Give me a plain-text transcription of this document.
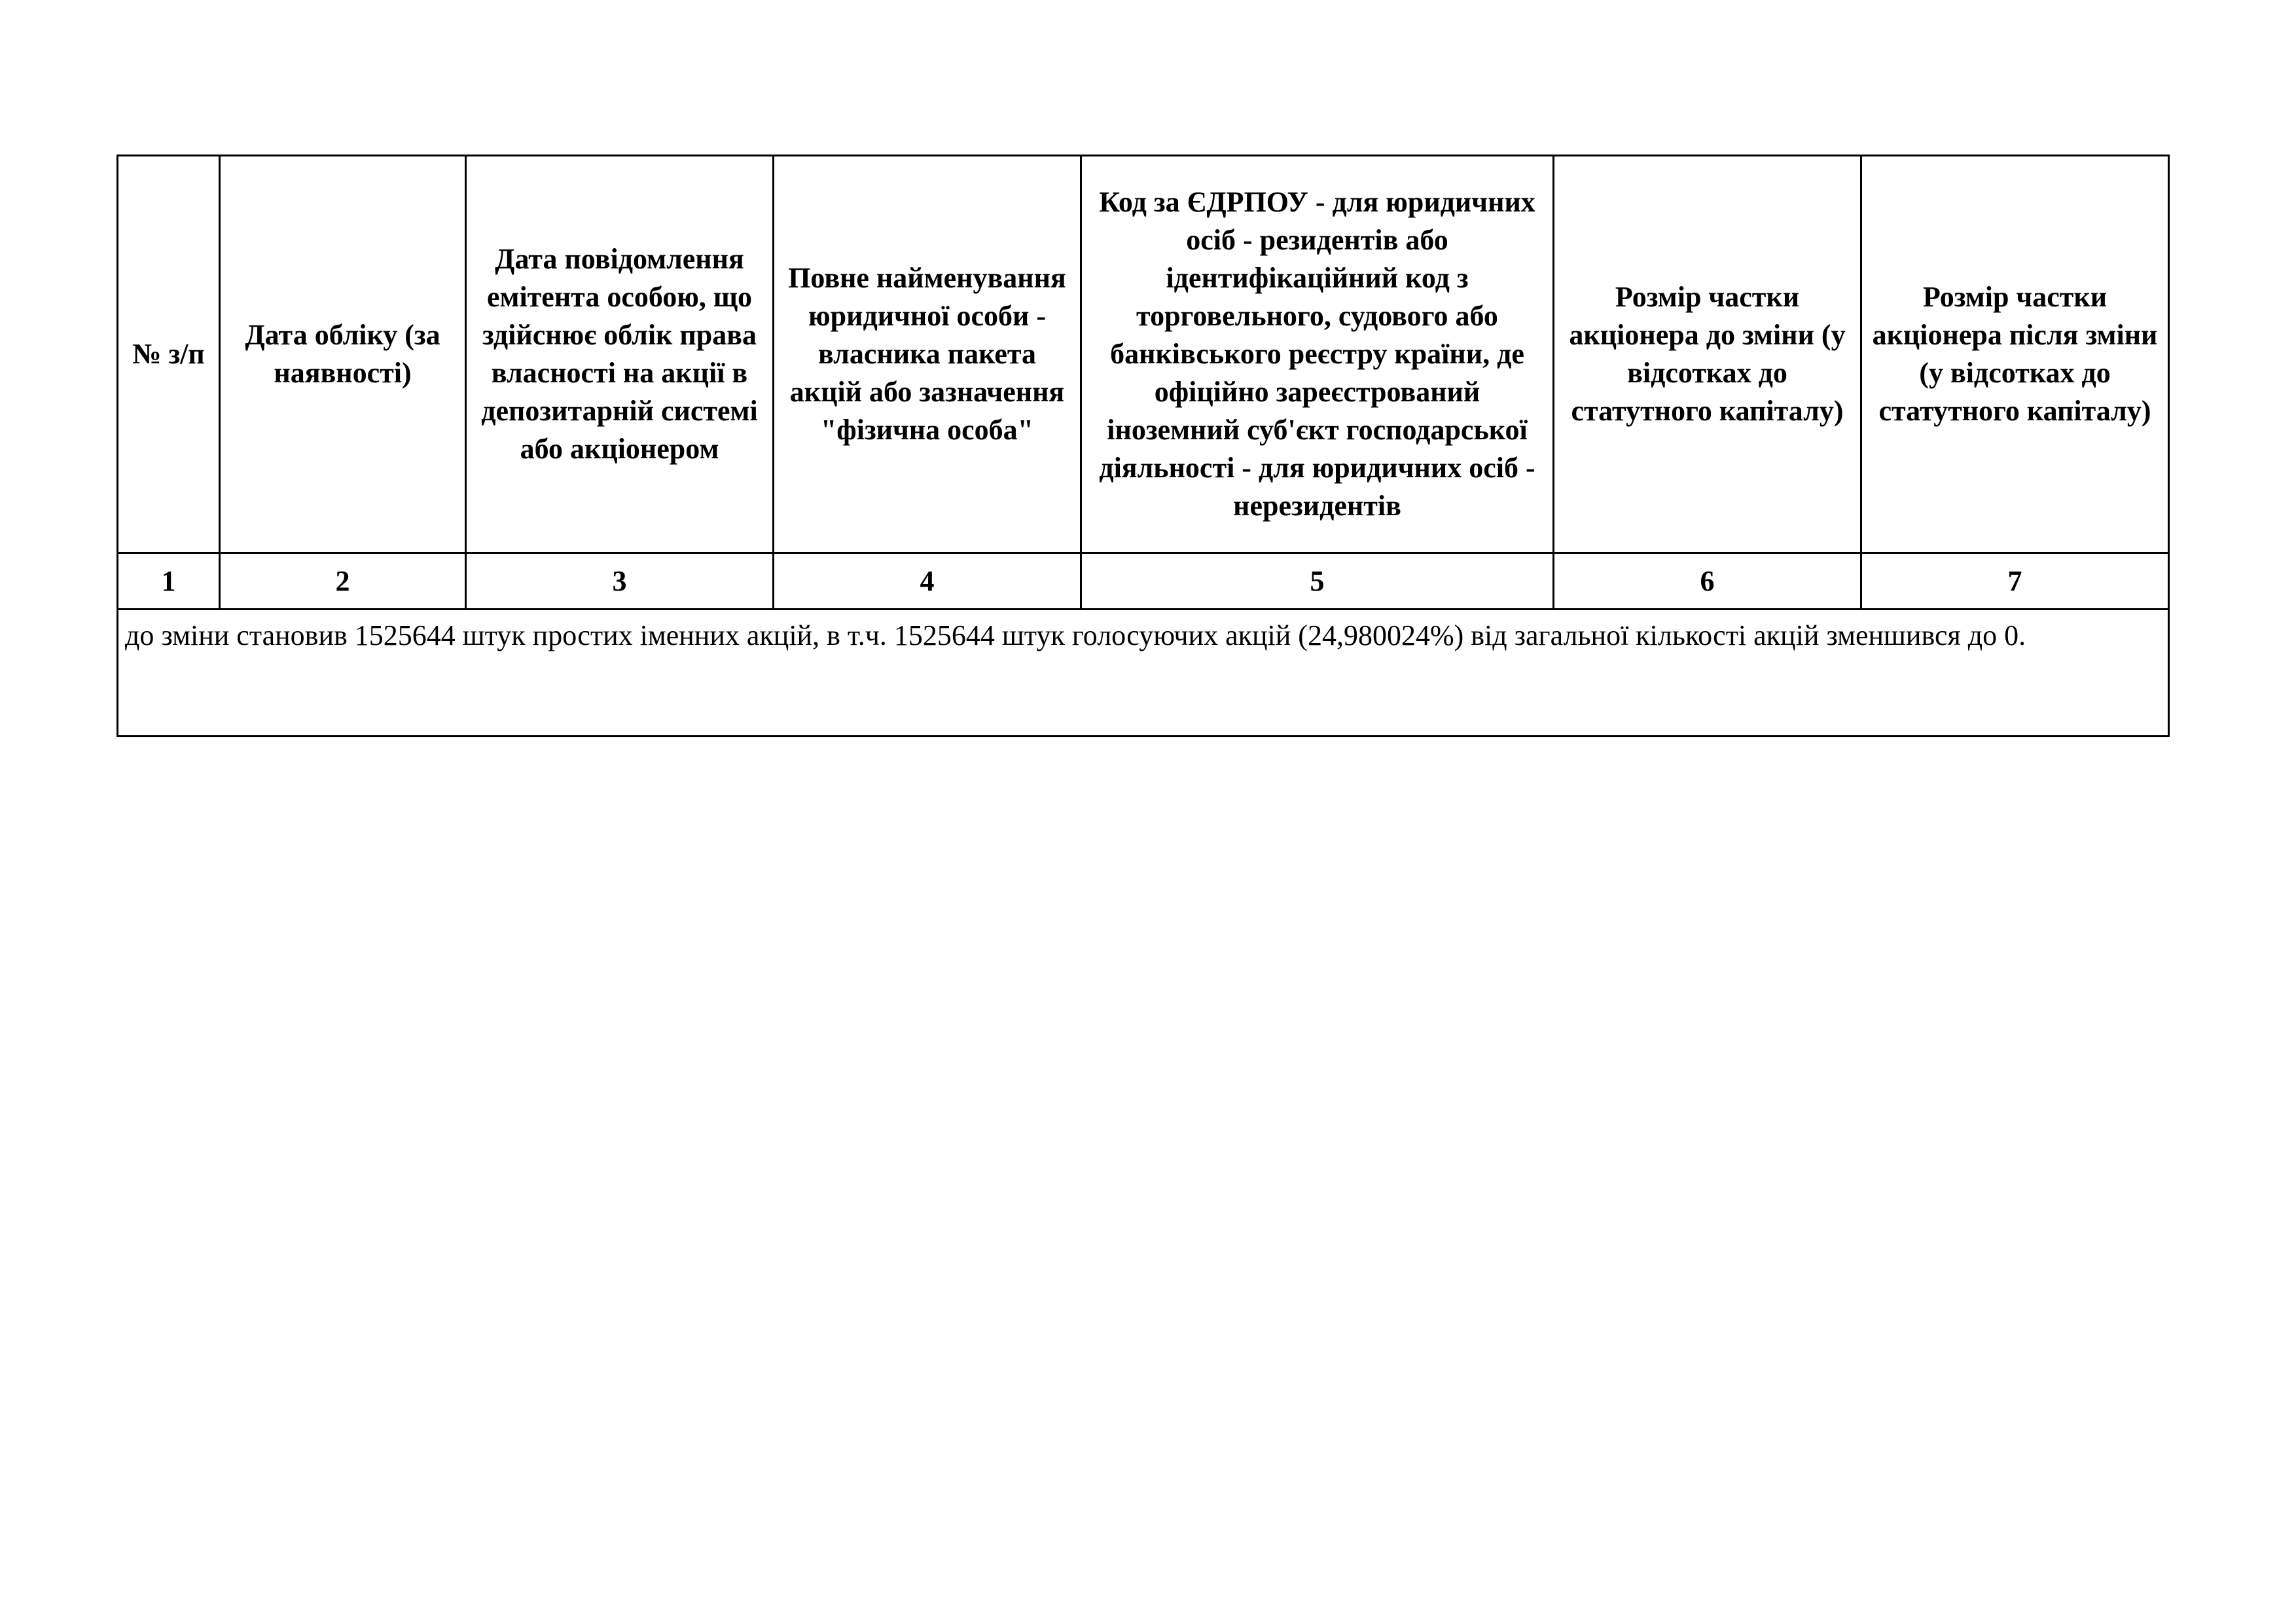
№ з/п	Дата обліку (за наявності)	Дата повідомлення емітента особою, що здійснює облік права власності на акції в депозитарній системі або акціонером	Повне найменування юридичної особи - власника пакета акцій або зазначення "фізична особа"	Код за ЄДРПОУ - для юридичних осіб - резидентів або ідентифікаційний код з торговельного, судового або банківського реєстру країни, де офіційно зареєстрований іноземний суб'єкт господарської діяльності - для юридичних осіб - нерезидентів	Розмір частки акціонера до зміни (у відсотках до статутного капіталу)	Розмір частки акціонера після зміни (у відсотках до статутного капіталу)
1	2	3	4	5	6	7
до зміни становив 1525644 штук простих іменних акцій, в т.ч. 1525644 штук голосуючих акцій (24,980024%) від загальної кількості акцій зменшився до 0.						
